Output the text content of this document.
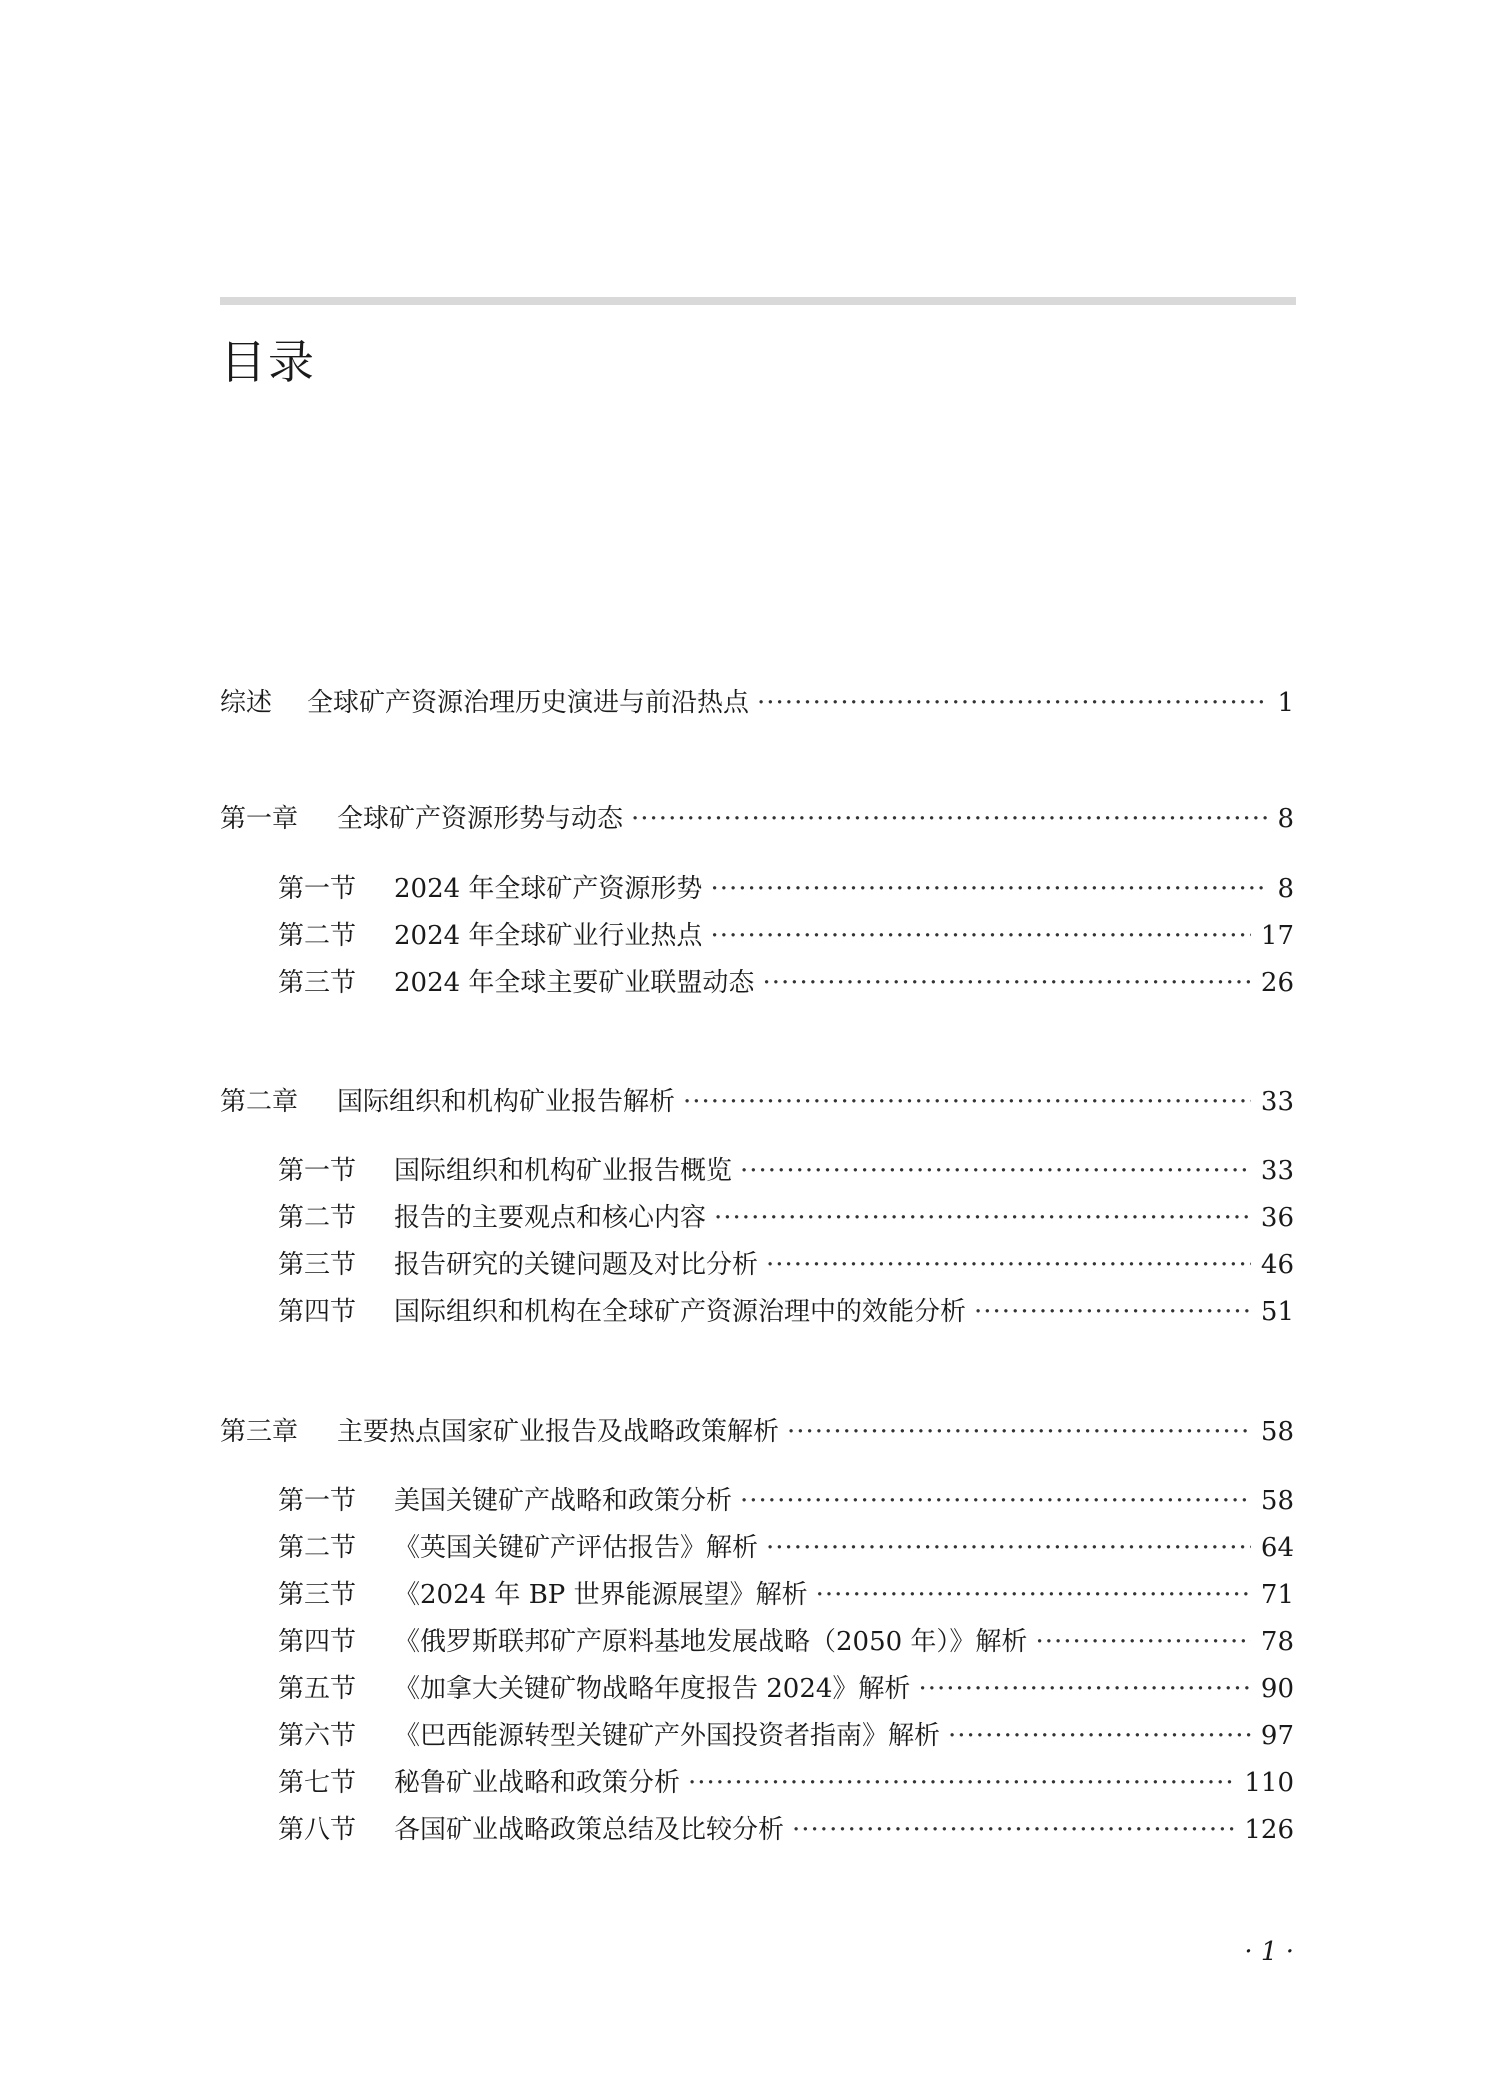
目录
综述	全球矿产资源治理历史演进与前沿热点 ·····	1
第一章	全球矿产资源形势与动态 ·····	8
第一节	2024 年全球矿产资源形势 ·····	8
第二节	2024 年全球矿业行业热点 ·····	17
第三节	2024 年全球主要矿业联盟动态 ·····	26
第二章	国际组织和机构矿业报告解析 ·····	33
第一节	国际组织和机构矿业报告概览 ·····	33
第二节	报告的主要观点和核心内容 ·····	36
第三节	报告研究的关键问题及对比分析 ·····	46
第四节	国际组织和机构在全球矿产资源治理中的效能分析 ·····	51
第三章	主要热点国家矿业报告及战略政策解析 ·····	58
第一节	美国关键矿产战略和政策分析 ·····	58
第二节	《英国关键矿产评估报告》解析 ·····	64
第三节	《2024 年 BP 世界能源展望》解析 ·····	71
第四节	《俄罗斯联邦矿产原料基地发展战略（2050 年）》解析 ·····	78
第五节	《加拿大关键矿物战略年度报告 2024》解析 ·····	90
第六节	《巴西能源转型关键矿产外国投资者指南》解析 ·····	97
第七节	秘鲁矿业战略和政策分析 ·····	110
第八节	各国矿业战略政策总结及比较分析 ·····	126
· 1 ·
